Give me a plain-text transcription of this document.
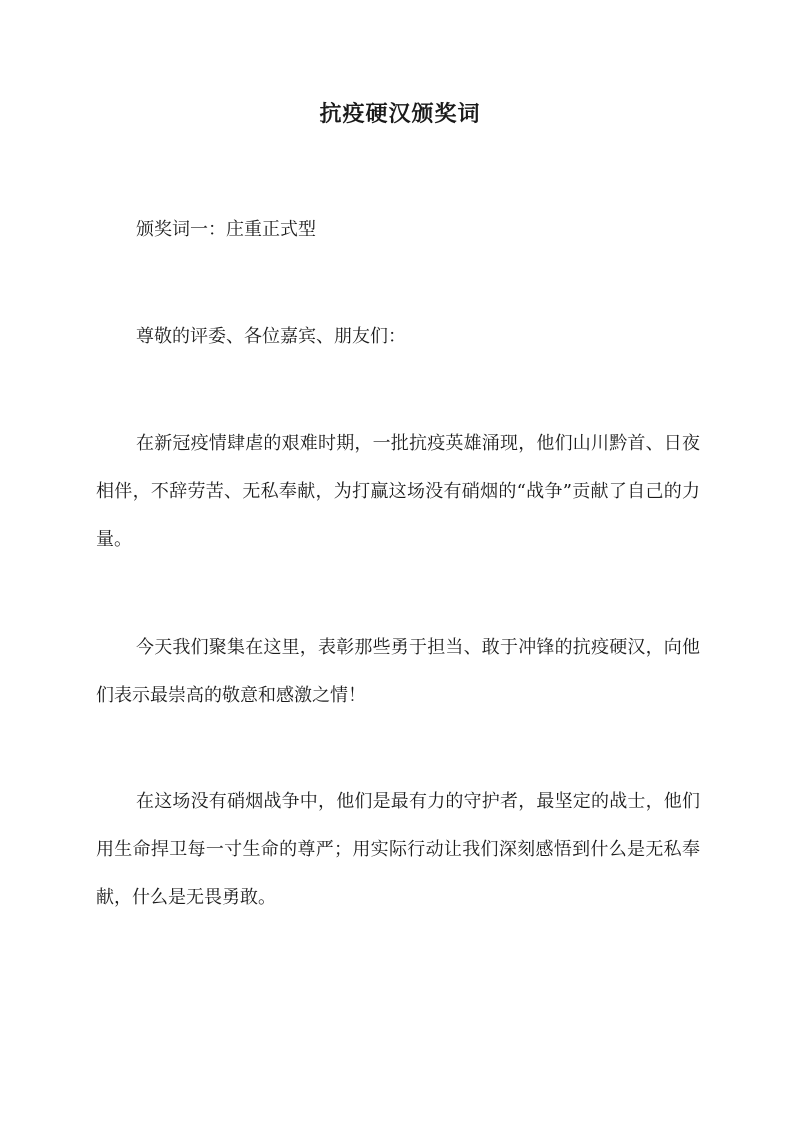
抗疫硬汉颁奖词

颁奖词一：庄重正式型

尊敬的评委、各位嘉宾、朋友们：

在新冠疫情肆虐的艰难时期，一批抗疫英雄涌现，他们山川黔首、日夜相伴，不辞劳苦、无私奉献，为打赢这场没有硝烟的“战争”贡献了自己的力量。

今天我们聚集在这里，表彰那些勇于担当、敢于冲锋的抗疫硬汉，向他们表示最崇高的敬意和感激之情！

在这场没有硝烟战争中，他们是最有力的守护者，最坚定的战士，他们用生命捍卫每一寸生命的尊严；用实际行动让我们深刻感悟到什么是无私奉献，什么是无畏勇敢。
